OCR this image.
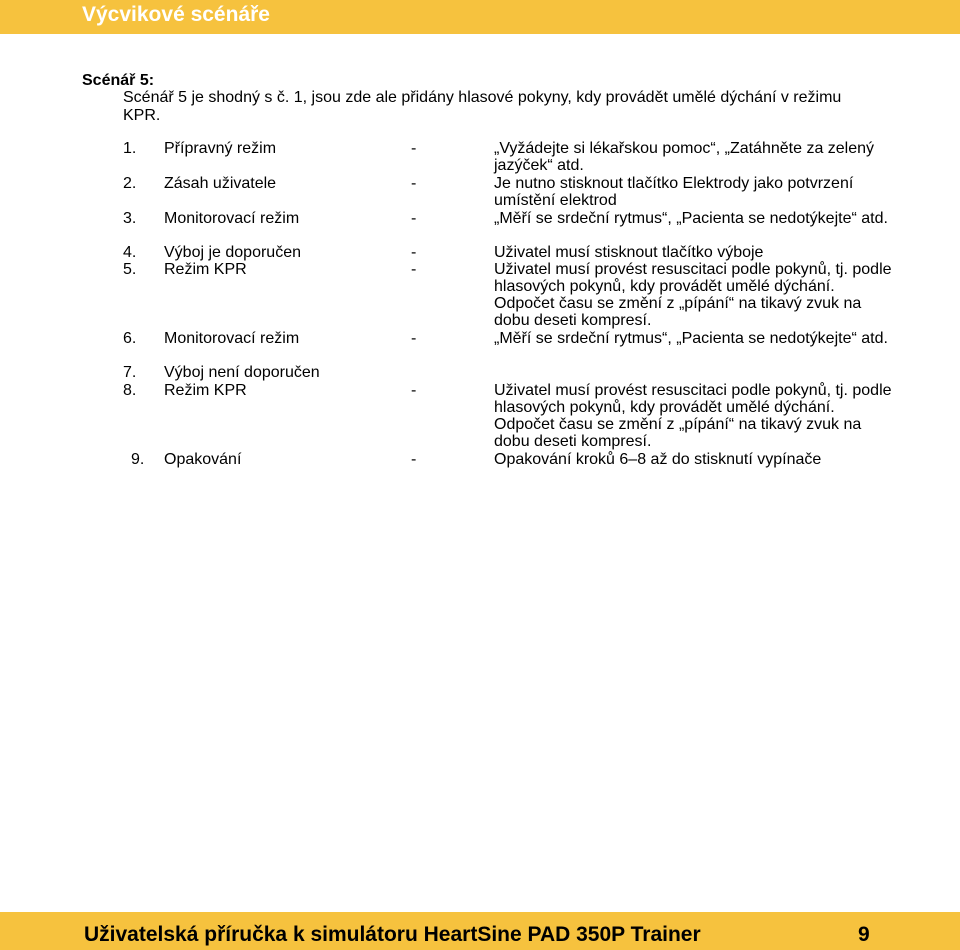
Výcvikové scénáře
Scénář 5:
Scénář 5 je shodný s č. 1, jsou zde ale přidány hlasové pokyny, kdy provádět umělé dýchání v režimu KPR.
1.	Přípravný režim	-	„Vyžádejte si lékařskou pomoc“, „Zatáhněte za zelený jazýček“ atd.
2.	Zásah uživatele	-	Je nutno stisknout tlačítko Elektrody jako potvrzení umístění elektrod
3.	Monitorovací režim	-	„Měří se srdeční rytmus“, „Pacienta se nedotýkejte“ atd.
4.	Výboj je doporučen	-	Uživatel musí stisknout tlačítko výboje
5.	Režim KPR	-	Uživatel musí provést resuscitaci podle pokynů, tj. podle hlasových pokynů, kdy provádět umělé dýchání. Odpočet času se změní z „pípání“ na tikavý zvuk na dobu deseti kompresí.
6.	Monitorovací režim	-	„Měří se srdeční rytmus“, „Pacienta se nedotýkejte“ atd.
7.	Výboj není doporučen
8.	Režim KPR	-	Uživatel musí provést resuscitaci podle pokynů, tj. podle hlasových pokynů, kdy provádět umělé dýchání. Odpočet času se změní z „pípání“ na tikavý zvuk na dobu deseti kompresí.
9.	Opakování	-	Opakování kroků 6–8 až do stisknutí vypínače
Uživatelská příručka k simulátoru HeartSine PAD 350P Trainer	9
